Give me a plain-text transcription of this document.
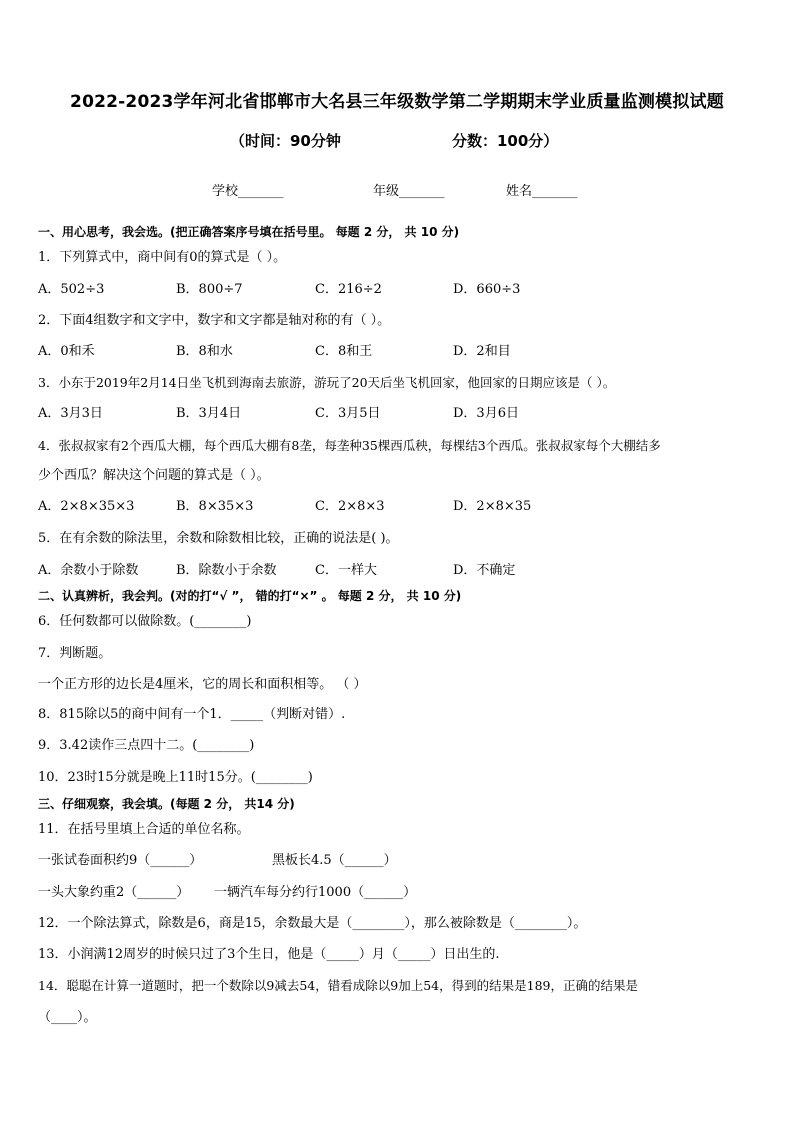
2022-2023学年河北省邯郸市大名县三年级数学第二学期期末学业质量监测模拟试题
（时间：90分钟	分数：100分）
学校_______	年级_______	姓名_______
一、用心思考，我会选。(把正确答案序号填在括号里。 每题 2 分， 共 10 分)
1．下列算式中，商中间有0的算式是（ ）。
A．502÷3	B．800÷7	C．216÷2	D．660÷3
2．下面4组数字和文字中，数字和文字都是轴对称的有（ ）。
A．0和禾	B．8和水	C．8和王	D．2和目
3．小东于2019年2月14日坐飞机到海南去旅游，游玩了20天后坐飞机回家，他回家的日期应该是（ ）。
A．3月3日	B．3月4日	C．3月5日	D．3月6日
4．张叔叔家有2个西瓜大棚，每个西瓜大棚有8垄，每垄种35棵西瓜秧，每棵结3个西瓜。张叔叔家每个大棚结多
少个西瓜？解决这个问题的算式是（ ）。
A．2×8×35×3	B．8×35×3	C．2×8×3	D．2×8×35
5．在有余数的除法里，余数和除数相比较，正确的说法是( )。
A．余数小于除数	B．除数小于余数	C．一样大	D．不确定
二、认真辨析，我会判。(对的打“√ ”， 错的打“×” 。 每题 2 分， 共 10 分)
6．任何数都可以做除数。(________)
7．判断题。
一个正方形的边长是4厘米，它的周长和面积相等。 （ ）
8．815除以5的商中间有一个1．_____（判断对错）.
9．3.42读作三点四十二。(________)
10．23时15分就是晚上11时15分。(________)
三、仔细观察，我会填。(每题 2 分， 共14 分)
11．在括号里填上合适的单位名称。
一张试卷面积约9（______）	黑板长4.5（______）
一头大象约重2（______） 一辆汽车每分约行1000（______）
12．一个除法算式，除数是6，商是15，余数最大是（________），那么被除数是（________）。
13．小润满12周岁的时候只过了3个生日，他是（_____）月（_____）日出生的.
14．聪聪在计算一道题时，把一个数除以9减去54，错看成除以9加上54，得到的结果是189，正确的结果是
（____）。
